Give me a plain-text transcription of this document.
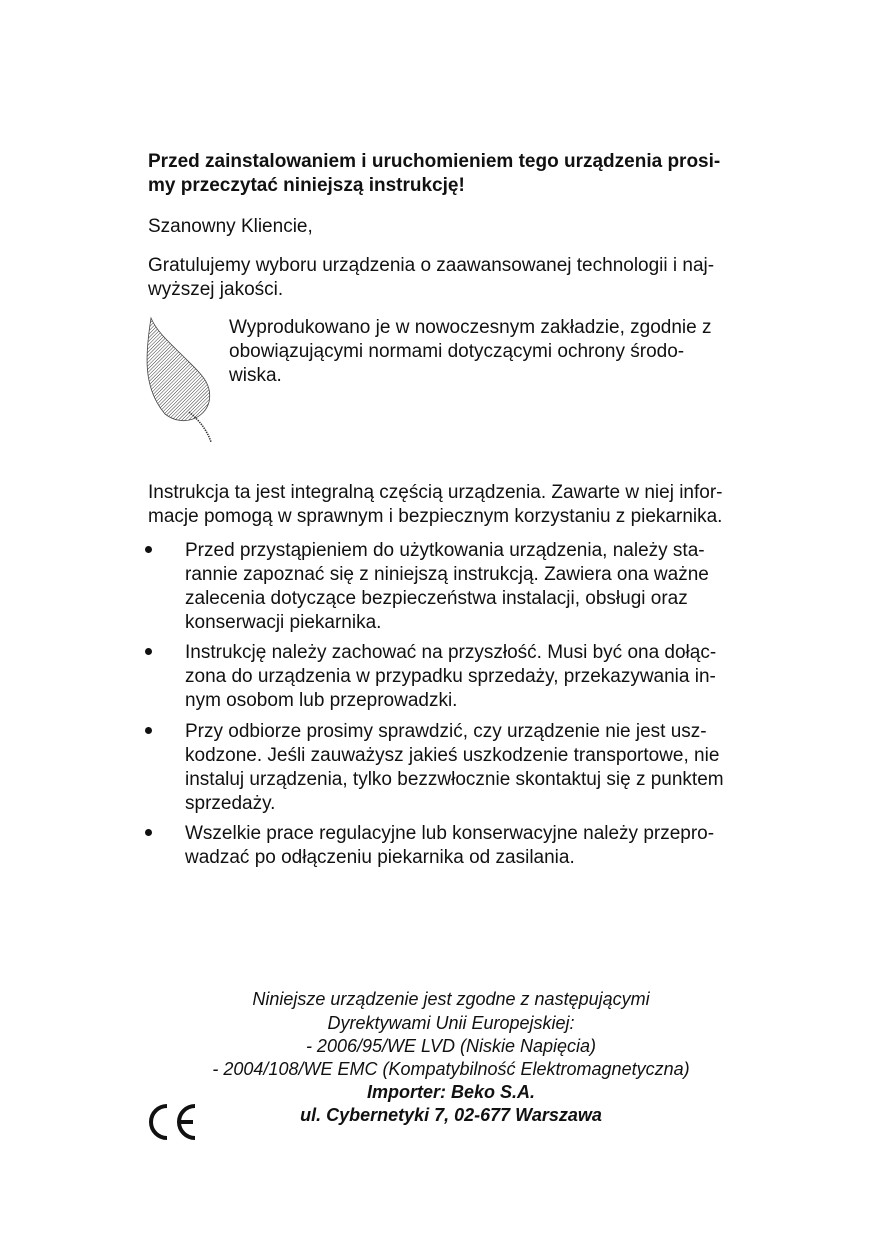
Przed zainstalowaniem i uruchomieniem tego urządzenia prosi-
my przeczytać niniejszą instrukcję!
Szanowny Kliencie,
Gratulujemy wyboru urządzenia o zaawansowanej technologii i naj-
wyższej jakości.
Wyprodukowano je w nowoczesnym zakładzie, zgodnie z
obowiązującymi normami dotyczącymi ochrony środo-
wiska.
Instrukcja ta jest integralną częścią urządzenia. Zawarte w niej infor-
macje pomogą w sprawnym i bezpiecznym korzystaniu z piekarnika.
Przed przystąpieniem do użytkowania urządzenia, należy sta-
rannie zapoznać się z niniejszą instrukcją. Zawiera ona ważne
zalecenia dotyczące bezpieczeństwa instalacji, obsługi oraz
konserwacji piekarnika.
Instrukcję należy zachować na przyszłość. Musi być ona dołąc-
zona do urządzenia w przypadku sprzedaży, przekazywania in-
nym osobom lub przeprowadzki.
Przy odbiorze prosimy sprawdzić, czy urządzenie nie jest usz-
kodzone. Jeśli zauważysz jakieś uszkodzenie transportowe, nie
instaluj urządzenia, tylko bezzwłocznie skontaktuj się z punktem
sprzedaży.
Wszelkie prace regulacyjne lub konserwacyjne należy przepro-
wadzać po odłączeniu piekarnika od zasilania.
Niniejsze urządzenie jest zgodne z następującymi
Dyrektywami Unii Europejskiej:
- 2006/95/WE LVD (Niskie Napięcia)
- 2004/108/WE EMC (Kompatybilność Elektromagnetyczna)
Importer: Beko S.A.
ul. Cybernetyki 7, 02-677 Warszawa
